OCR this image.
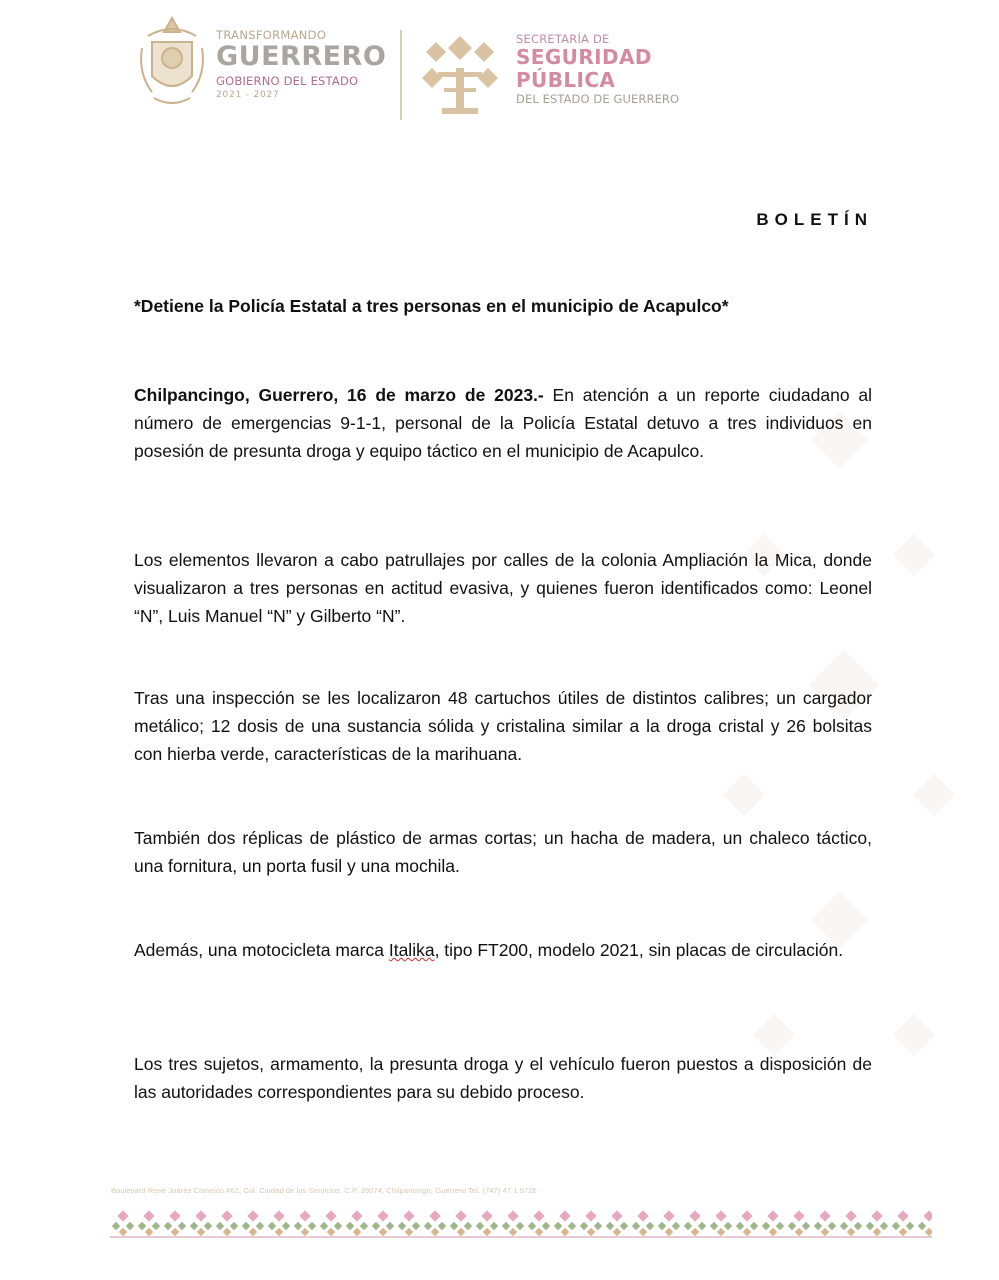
TRANSFORMANDO
GUERRERO
GOBIERNO DEL ESTADO
2021 - 2027
SECRETARÍA DE
SEGURIDAD
PÚBLICA
DEL ESTADO DE GUERRERO
BOLETÍN
*Detiene la Policía Estatal a tres personas en el municipio de Acapulco*

Chilpancingo, Guerrero, 16 de marzo de 2023.- En atención a un reporte ciudadano al número de emergencias 9-1-1, personal de la Policía Estatal detuvo a tres individuos en posesión de presunta droga y equipo táctico en el municipio de Acapulco.

Los elementos llevaron a cabo patrullajes por calles de la colonia Ampliación la Mica, donde visualizaron a tres personas en actitud evasiva, y quienes fueron identificados como: Leonel “N”, Luis Manuel “N” y Gilberto “N”.

Tras una inspección se les localizaron 48 cartuchos útiles de distintos calibres; un cargador metálico; 12 dosis de una sustancia sólida y cristalina similar a la droga cristal y 26 bolsitas con hierba verde, características de la marihuana.

También dos réplicas de plástico de armas cortas; un hacha de madera, un chaleco táctico, una fornitura, un porta fusil y una mochila.

Además, una motocicleta marca Italika, tipo FT200, modelo 2021, sin placas de circulación.

Los tres sujetos, armamento, la presunta droga y el vehículo fueron puestos a disposición de las autoridades correspondientes para su debido proceso.

Boulevard René Juárez Cisneros #62, Col. Ciudad de los Servicios, C.P. 39074, Chilpancingo, Guerrero Tel. (747) 47 1 9726
